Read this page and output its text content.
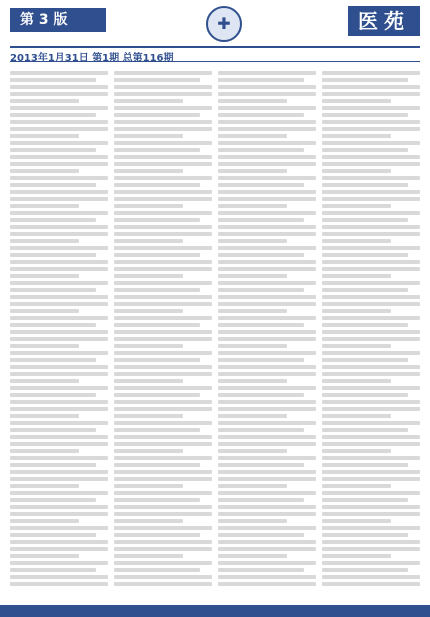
第 3 版
✚	医苑
2013年1月31日 第1期 总第116期
